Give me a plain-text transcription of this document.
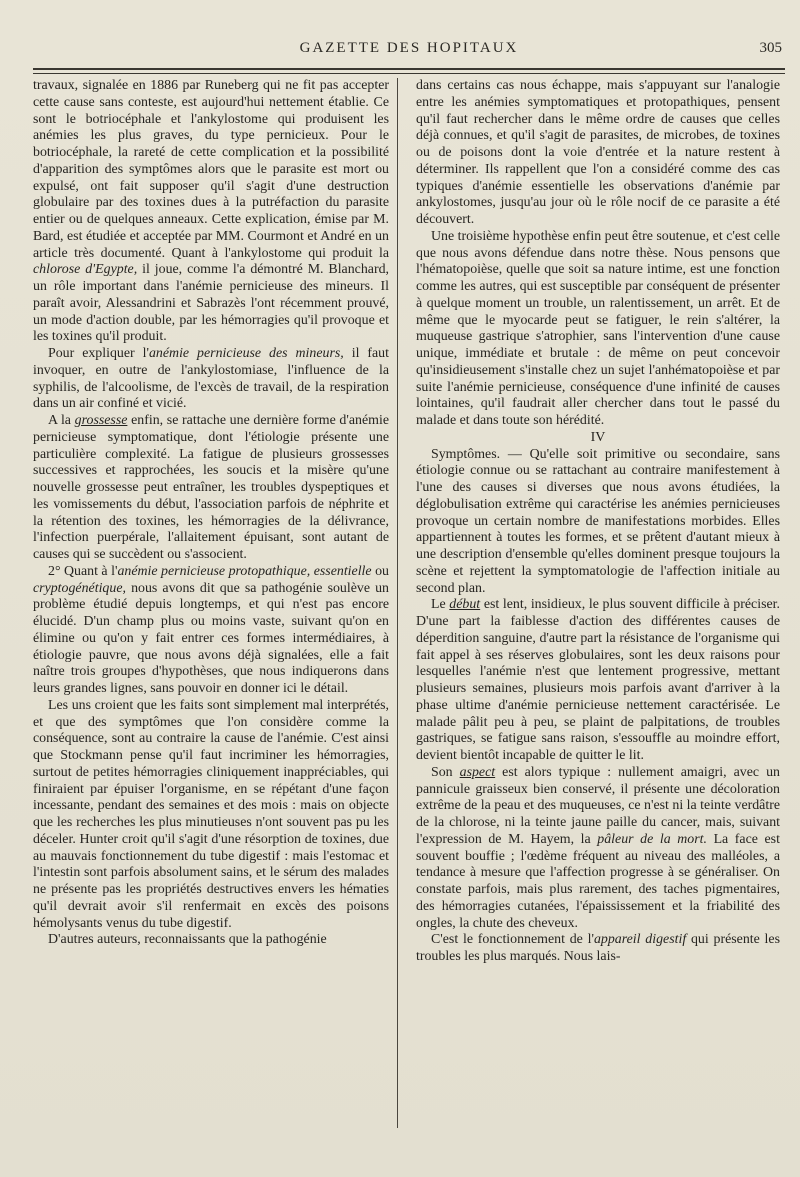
GAZETTE DES HOPITAUX	305

travaux, signalée en 1886 par Runeberg qui ne fit pas accepter cette cause sans conteste, est aujourd'hui nettement établie. Ce sont le botriocéphale et l'ankylostome qui produisent les anémies les plus graves, du type pernicieux. Pour le botriocéphale, la rareté de cette complication et la possibilité d'apparition des symptômes alors que le parasite est mort ou expulsé, ont fait supposer qu'il s'agit d'une destruction globulaire par des toxines dues à la putréfaction du parasite entier ou de quelques anneaux. Cette explication, émise par M. Bard, est étudiée et acceptée par MM. Courmont et André en un article très documenté. Quant à l'ankylostome qui produit la chlorose d'Egypte, il joue, comme l'a démontré M. Blanchard, un rôle important dans l'anémie pernicieuse des mineurs. Il paraît avoir, Alessandrini et Sabrazès l'ont récemment prouvé, un mode d'action double, par les hémorragies qu'il provoque et les toxines qu'il produit.

Pour expliquer l'anémie pernicieuse des mineurs, il faut invoquer, en outre de l'ankylostomiase, l'influence de la syphilis, de l'alcoolisme, de l'excès de travail, de la respiration dans un air confiné et vicié.

A la grossesse enfin, se rattache une dernière forme d'anémie pernicieuse symptomatique, dont l'étiologie présente une particulière complexité. La fatigue de plusieurs grossesses successives et rapprochées, les soucis et la misère qu'une nouvelle grossesse peut entraîner, les troubles dyspeptiques et les vomissements du début, l'association parfois de néphrite et la rétention des toxines, les hémorragies de la délivrance, l'infection puerpérale, l'allaitement épuisant, sont autant de causes qui se succèdent ou s'associent.

2° Quant à l'anémie pernicieuse protopathique, essentielle ou cryptogénétique, nous avons dit que sa pathogénie soulève un problème étudié depuis longtemps, et qui n'est pas encore élucidé. D'un champ plus ou moins vaste, suivant qu'on en élimine ou qu'on y fait entrer ces formes intermédiaires, à étiologie pauvre, que nous avons déjà signalées, elle a fait naître trois groupes d'hypothèses, que nous indiquerons dans leurs grandes lignes, sans pouvoir en donner ici le détail.

Les uns croient que les faits sont simplement mal interprétés, et que des symptômes que l'on considère comme la conséquence, sont au contraire la cause de l'anémie. C'est ainsi que Stockmann pense qu'il faut incriminer les hémorragies, surtout de petites hémorragies cliniquement inappréciables, qui finiraient par épuiser l'organisme, en se répétant d'une façon incessante, pendant des semaines et des mois : mais on objecte que les recherches les plus minutieuses n'ont souvent pas pu les déceler. Hunter croit qu'il s'agit d'une résorption de toxines, due au mauvais fonctionnement du tube digestif : mais l'estomac et l'intestin sont parfois absolument sains, et le sérum des malades ne présente pas les propriétés destructives envers les hématies qu'il devrait avoir s'il renfermait en excès des poisons hémolysants venus du tube digestif.

D'autres auteurs, reconnaissants que la pathogénie

dans certains cas nous échappe, mais s'appuyant sur l'analogie entre les anémies symptomatiques et protopathiques, pensent qu'il faut rechercher dans le même ordre de causes que celles déjà connues, et qu'il s'agit de parasites, de microbes, de toxines ou de poisons dont la voie d'entrée et la nature restent à déterminer. Ils rappellent que l'on a considéré comme des cas typiques d'anémie essentielle les observations d'anémie par ankylostomes, jusqu'au jour où le rôle nocif de ce parasite a été découvert.

Une troisième hypothèse enfin peut être soutenue, et c'est celle que nous avons défendue dans notre thèse. Nous pensons que l'hématopoièse, quelle que soit sa nature intime, est une fonction comme les autres, qui est susceptible par conséquent de présenter à quelque moment un trouble, un ralentissement, un arrêt. Et de même que le myocarde peut se fatiguer, le rein s'altérer, la muqueuse gastrique s'atrophier, sans l'intervention d'une cause unique, immédiate et brutale : de même on peut concevoir qu'insidieusement s'installe chez un sujet l'anhématopoièse et par suite l'anémie pernicieuse, conséquence d'une infinité de causes lointaines, qu'il faudrait aller chercher dans tout le passé du malade et dans toute son hérédité.

IV

Symptômes. — Qu'elle soit primitive ou secondaire, sans étiologie connue ou se rattachant au contraire manifestement à l'une des causes si diverses que nous avons étudiées, la déglobulisation extrême qui caractérise les anémies pernicieuses provoque un certain nombre de manifestations morbides. Elles appartiennent à toutes les formes, et se prêtent d'autant mieux à une description d'ensemble qu'elles dominent presque toujours la scène et rejettent la symptomatologie de l'affection initiale au second plan.

Le début est lent, insidieux, le plus souvent difficile à préciser. D'une part la faiblesse d'action des différentes causes de déperdition sanguine, d'autre part la résistance de l'organisme qui fait appel à ses réserves globulaires, sont les deux raisons pour lesquelles l'anémie n'est que lentement progressive, mettant plusieurs semaines, plusieurs mois parfois avant d'arriver à la phase ultime d'anémie pernicieuse nettement caractérisée. Le malade pâlit peu à peu, se plaint de palpitations, de troubles gastriques, se fatigue sans raison, s'essouffle au moindre effort, devient bientôt incapable de quitter le lit.

Son aspect est alors typique : nullement amaigri, avec un pannicule graisseux bien conservé, il présente une décoloration extrême de la peau et des muqueuses, ce n'est ni la teinte verdâtre de la chlorose, ni la teinte jaune paille du cancer, mais, suivant l'expression de M. Hayem, la pâleur de la mort. La face est souvent bouffie ; l'œdème fréquent au niveau des malléoles, a tendance à mesure que l'affection progresse à se généraliser. On constate parfois, mais plus rarement, des taches pigmentaires, des hémorragies cutanées, l'épaississement et la friabilité des ongles, la chute des cheveux.

C'est le fonctionnement de l'appareil digestif qui présente les troubles les plus marqués. Nous lais-
